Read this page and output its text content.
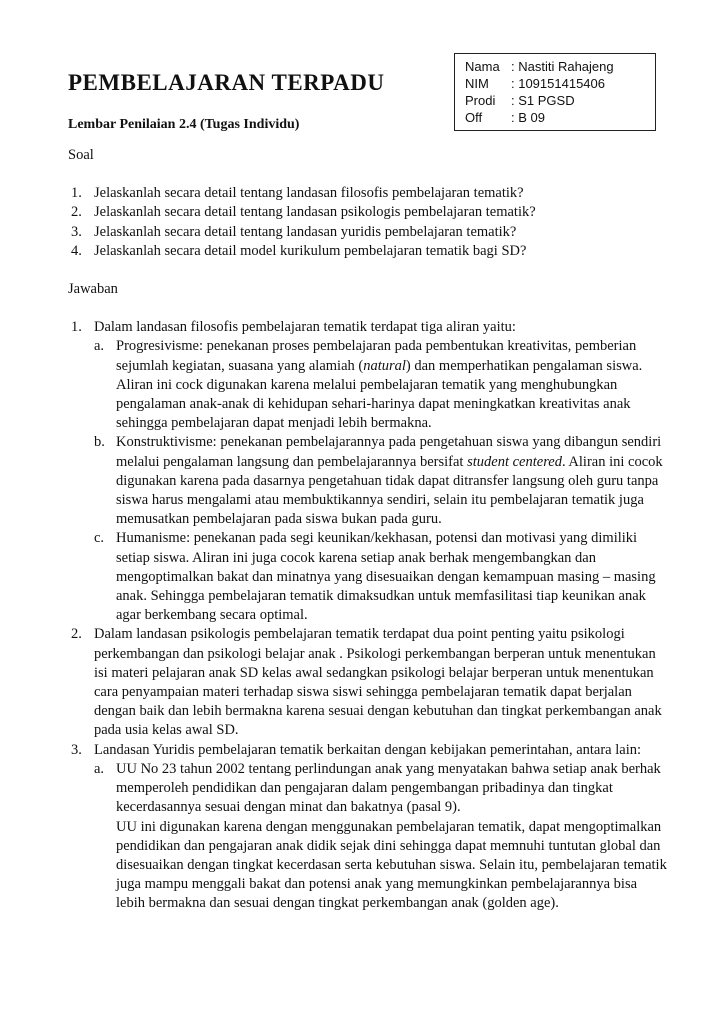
PEMBELAJARAN TERPADU

Lembar Penilaian 2.4 (Tugas Individu)

Nama : Nastiti Rahajeng
NIM	: 109151415406
Prodi	: S1 PGSD
Off	: B 09

Soal

1. Jelaskanlah secara detail tentang landasan filosofis pembelajaran tematik?
2. Jelaskanlah secara detail tentang landasan psikologis pembelajaran tematik?
3. Jelaskanlah secara detail tentang landasan yuridis pembelajaran tematik?
4. Jelaskanlah secara detail model kurikulum pembelajaran tematik bagi SD?

Jawaban

1. Dalam landasan filosofis pembelajaran tematik terdapat tiga aliran yaitu:

a. Progresivisme: penekanan proses pembelajaran pada pembentukan kreativitas, pemberian sejumlah kegiatan, suasana yang alamiah (natural) dan memperhatikan pengalaman siswa. Aliran ini cock digunakan karena melalui pembelajaran tematik yang menghubungkan pengalaman anak-anak di kehidupan sehari-harinya dapat meningkatkan kreativitas anak sehingga pembelajaran dapat menjadi lebih bermakna.

b. Konstruktivisme: penekanan pembelajarannya pada pengetahuan siswa yang dibangun sendiri melalui pengalaman langsung dan pembelajarannya bersifat student centered. Aliran ini cocok digunakan karena pada dasarnya pengetahuan tidak dapat ditransfer langsung oleh guru tanpa siswa harus mengalami atau membuktikannya sendiri, selain itu pembelajaran tematik juga memusatkan pembelajaran pada siswa bukan pada guru.

c. Humanisme: penekanan pada segi keunikan/kekhasan, potensi dan motivasi yang dimiliki setiap siswa. Aliran ini juga cocok karena setiap anak berhak mengembangkan dan mengoptimalkan bakat dan minatnya yang disesuaikan dengan kemampuan masing – masing anak. Sehingga pembelajaran tematik dimaksudkan untuk memfasilitasi tiap keunikan anak agar berkembang secara optimal.

2. Dalam landasan psikologis pembelajaran tematik terdapat dua point penting yaitu psikologi perkembangan dan psikologi belajar anak . Psikologi perkembangan berperan untuk menentukan isi materi pelajaran anak SD kelas awal sedangkan psikologi belajar berperan untuk menentukan cara penyampaian materi terhadap siswa siswi sehingga pembelajaran tematik dapat berjalan dengan baik dan lebih bermakna karena sesuai dengan kebutuhan dan tingkat perkembangan anak pada usia kelas awal SD.

3. Landasan Yuridis pembelajaran tematik berkaitan dengan kebijakan pemerintahan, antara lain:

a. UU No 23 tahun 2002 tentang perlindungan anak yang menyatakan bahwa setiap anak berhak memperoleh pendidikan dan pengajaran dalam pengembangan pribadinya dan tingkat kecerdasannya sesuai dengan minat dan bakatnya (pasal 9).

UU ini digunakan karena dengan menggunakan pembelajaran tematik, dapat mengoptimalkan pendidikan dan pengajaran anak didik sejak dini sehingga dapat memnuhi tuntutan global dan disesuaikan dengan tingkat kecerdasan serta kebutuhan siswa. Selain itu, pembelajaran tematik juga mampu menggali bakat dan potensi anak yang memungkinkan pembelajarannya bisa lebih bermakna dan sesuai dengan tingkat perkembangan anak (golden age).
